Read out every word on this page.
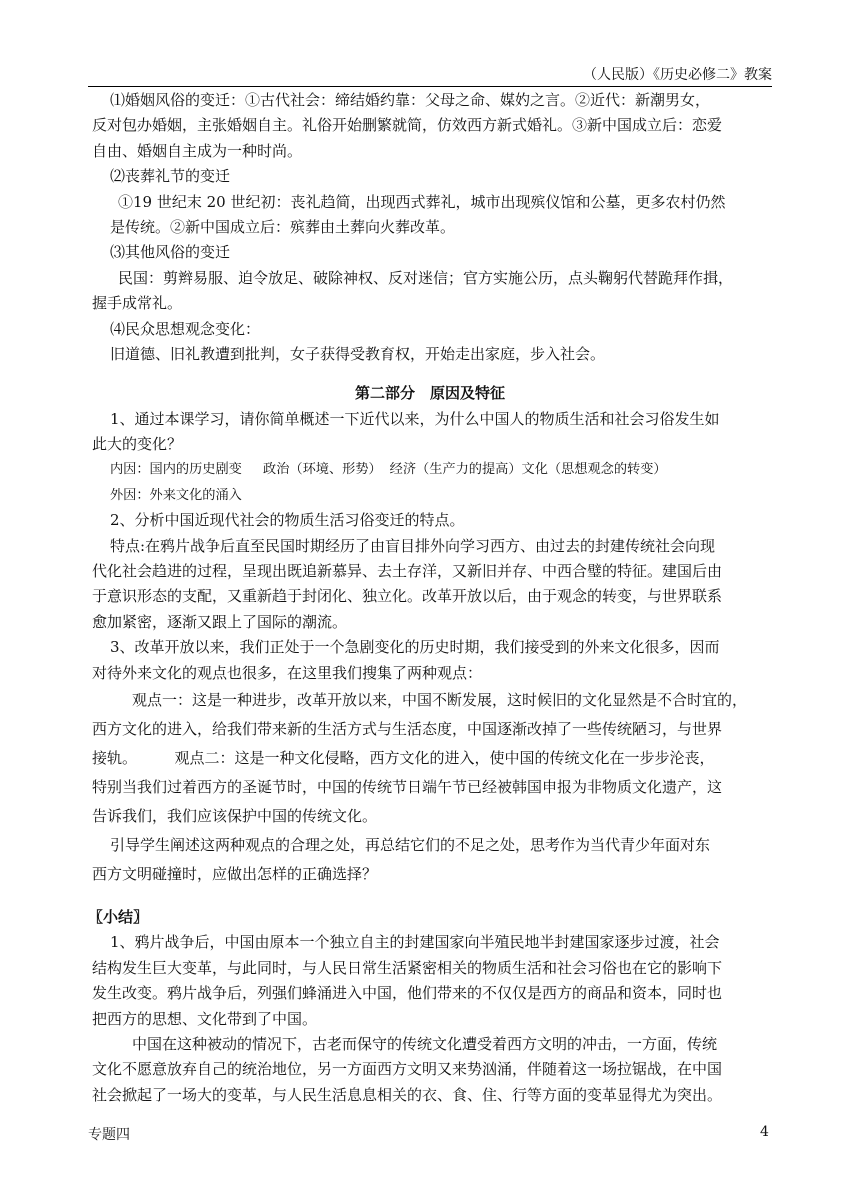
（人民版）《历史必修二》教案
⑴婚姻风俗的变迁：①古代社会：缔结婚约靠：父母之命、媒妁之言。②近代：新潮男女，
反对包办婚姻，主张婚姻自主。礼俗开始删繁就简，仿效西方新式婚礼。③新中国成立后：恋爱
自由、婚姻自主成为一种时尚。
⑵丧葬礼节的变迁
①19 世纪末 20 世纪初：丧礼趋简，出现西式葬礼，城市出现殡仪馆和公墓，更多农村仍然
是传统。②新中国成立后：殡葬由土葬向火葬改革。
⑶其他风俗的变迁
民国：剪辫易服、迫令放足、破除神权、反对迷信；官方实施公历，点头鞠躬代替跪拜作揖，
握手成常礼。
⑷民众思想观念变化：
旧道德、旧礼教遭到批判，女子获得受教育权，开始走出家庭，步入社会。
第二部分　原因及特征
1、通过本课学习，请你简单概述一下近代以来，为什么中国人的物质生活和社会习俗发生如
此大的变化？
内因：国内的历史剧变　 政治（环境、形势） 经济（生产力的提高）文化（思想观念的转变）
外因：外来文化的涌入
2、分析中国近现代社会的物质生活习俗变迁的特点。
特点:在鸦片战争后直至民国时期经历了由盲目排外向学习西方、由过去的封建传统社会向现
代化社会趋进的过程，呈现出既追新慕异、去土存洋，又新旧并存、中西合璧的特征。建国后由
于意识形态的支配，又重新趋于封闭化、独立化。改革开放以后，由于观念的转变，与世界联系
愈加紧密，逐渐又跟上了国际的潮流。
3、改革开放以来，我们正处于一个急剧变化的历史时期，我们接受到的外来文化很多，因而
对待外来文化的观点也很多，在这里我们搜集了两种观点：
观点一：这是一种进步，改革开放以来，中国不断发展，这时候旧的文化显然是不合时宜的，
西方文化的进入，给我们带来新的生活方式与生活态度，中国逐渐改掉了一些传统陋习，与世界
接轨。　　　观点二：这是一种文化侵略，西方文化的进入，使中国的传统文化在一步步沦丧，
特别当我们过着西方的圣诞节时，中国的传统节日端午节已经被韩国申报为非物质文化遗产，这
告诉我们，我们应该保护中国的传统文化。
引导学生阐述这两种观点的合理之处，再总结它们的不足之处，思考作为当代青少年面对东
西方文明碰撞时，应做出怎样的正确选择？
〖小结〗
1、鸦片战争后，中国由原本一个独立自主的封建国家向半殖民地半封建国家逐步过渡，社会
结构发生巨大变革，与此同时，与人民日常生活紧密相关的物质生活和社会习俗也在它的影响下
发生改变。鸦片战争后，列强们蜂涌进入中国，他们带来的不仅仅是西方的商品和资本，同时也
把西方的思想、文化带到了中国。
中国在这种被动的情况下，古老而保守的传统文化遭受着西方文明的冲击，一方面，传统
文化不愿意放弃自己的统治地位，另一方面西方文明又来势汹涌，伴随着这一场拉锯战，在中国
社会掀起了一场大的变革，与人民生活息息相关的衣、食、住、行等方面的变革显得尤为突出。
专题四	4
